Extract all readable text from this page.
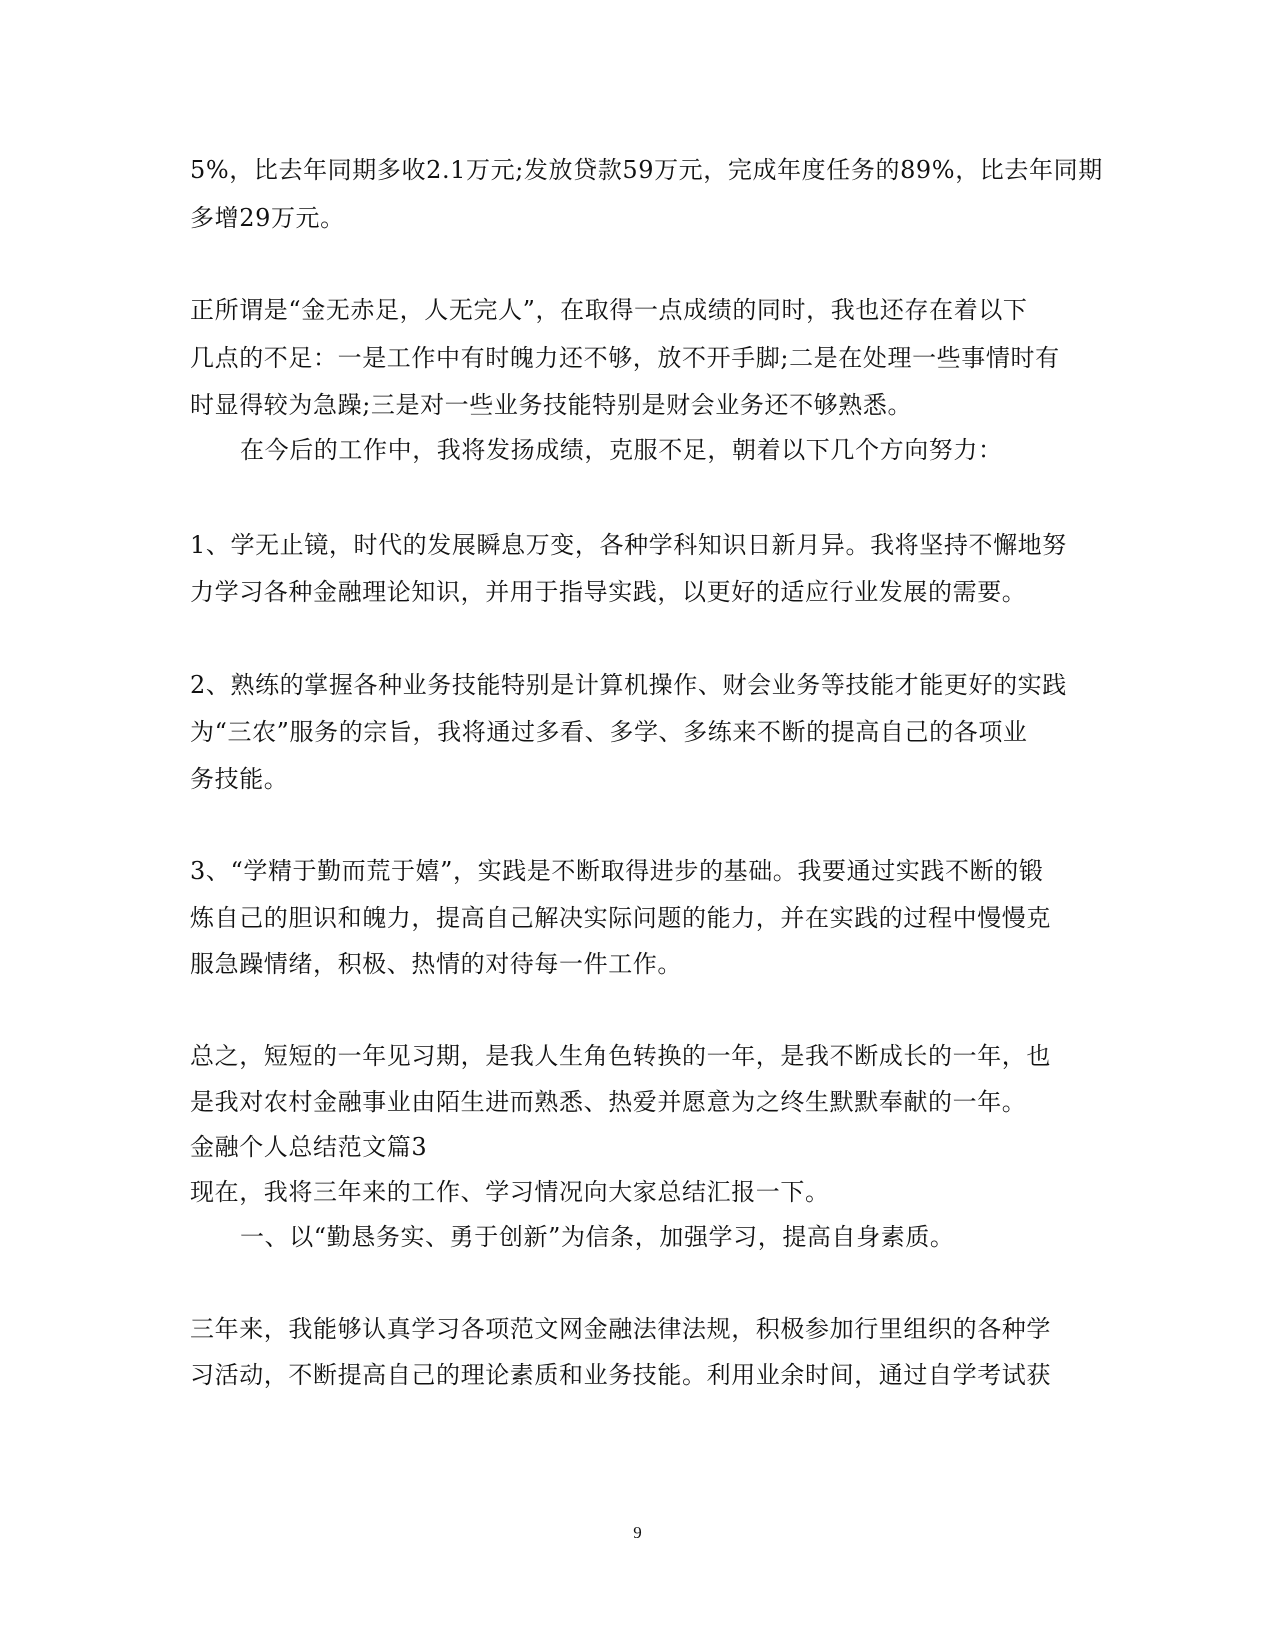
5%，比去年同期多收2.1万元;发放贷款59万元，完成年度任务的89%，比去年同期
多增29万元。
正所谓是“金无赤足，人无完人”，在取得一点成绩的同时，我也还存在着以下
几点的不足：一是工作中有时魄力还不够，放不开手脚;二是在处理一些事情时有
时显得较为急躁;三是对一些业务技能特别是财会业务还不够熟悉。
在今后的工作中，我将发扬成绩，克服不足，朝着以下几个方向努力：
1、学无止镜，时代的发展瞬息万变，各种学科知识日新月异。我将坚持不懈地努
力学习各种金融理论知识，并用于指导实践，以更好的适应行业发展的需要。
2、熟练的掌握各种业务技能特别是计算机操作、财会业务等技能才能更好的实践
为“三农”服务的宗旨，我将通过多看、多学、多练来不断的提高自己的各项业
务技能。
3、“学精于勤而荒于嬉”，实践是不断取得进步的基础。我要通过实践不断的锻
炼自己的胆识和魄力，提高自己解决实际问题的能力，并在实践的过程中慢慢克
服急躁情绪，积极、热情的对待每一件工作。
总之，短短的一年见习期，是我人生角色转换的一年，是我不断成长的一年，也
是我对农村金融事业由陌生进而熟悉、热爱并愿意为之终生默默奉献的一年。
金融个人总结范文篇3
现在，我将三年来的工作、学习情况向大家总结汇报一下。
一、以“勤恳务实、勇于创新”为信条，加强学习，提高自身素质。
三年来，我能够认真学习各项范文网金融法律法规，积极参加行里组织的各种学
习活动，不断提高自己的理论素质和业务技能。利用业余时间，通过自学考试获
9
